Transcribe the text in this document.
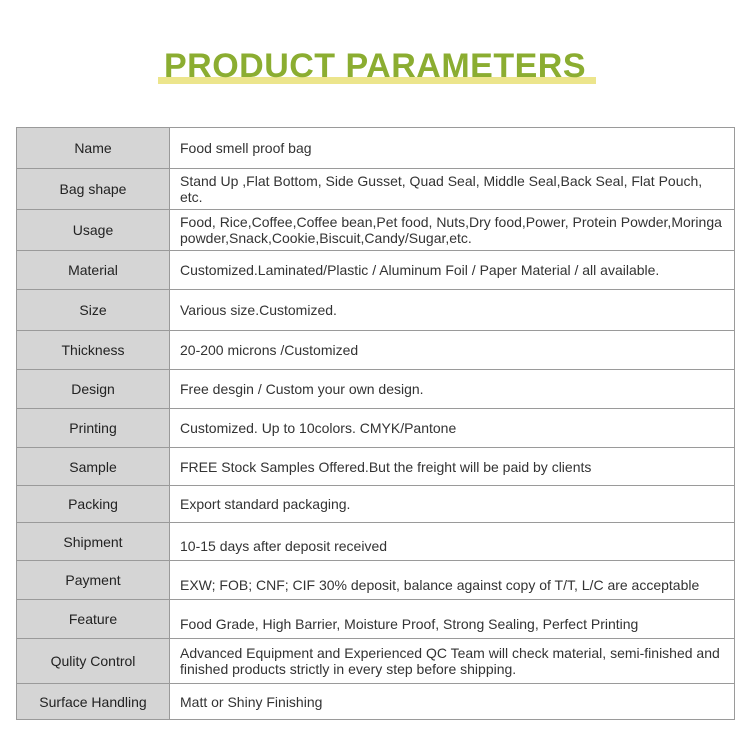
PRODUCT PARAMETERS
Name	Food smell proof bag
Bag shape	Stand Up ,Flat Bottom, Side Gusset, Quad Seal, Middle Seal,Back Seal, Flat Pouch, etc.
Usage	Food, Rice,Coffee,Coffee bean,Pet food, Nuts,Dry food,Power, Protein Powder,Moringa powder,Snack,Cookie,Biscuit,Candy/Sugar,etc.
Material	Customized.Laminated/Plastic / Aluminum Foil / Paper Material / all available.
Size	Various size.Customized.
Thickness	20-200 microns /Customized
Design	Free desgin / Custom your own design.
Printing	Customized. Up to 10colors. CMYK/Pantone
Sample	FREE Stock Samples Offered.But the freight will be paid by clients
Packing	Export standard packaging.
Shipment	10-15 days after deposit received
Payment	EXW; FOB; CNF; CIF 30% deposit, balance against copy of T/T, L/C are acceptable
Feature	Food Grade, High Barrier, Moisture Proof, Strong Sealing, Perfect Printing
Qulity Control	Advanced Equipment and Experienced QC Team will check material, semi-finished and finished products strictly in every step before shipping.
Surface Handling	Matt or Shiny Finishing
